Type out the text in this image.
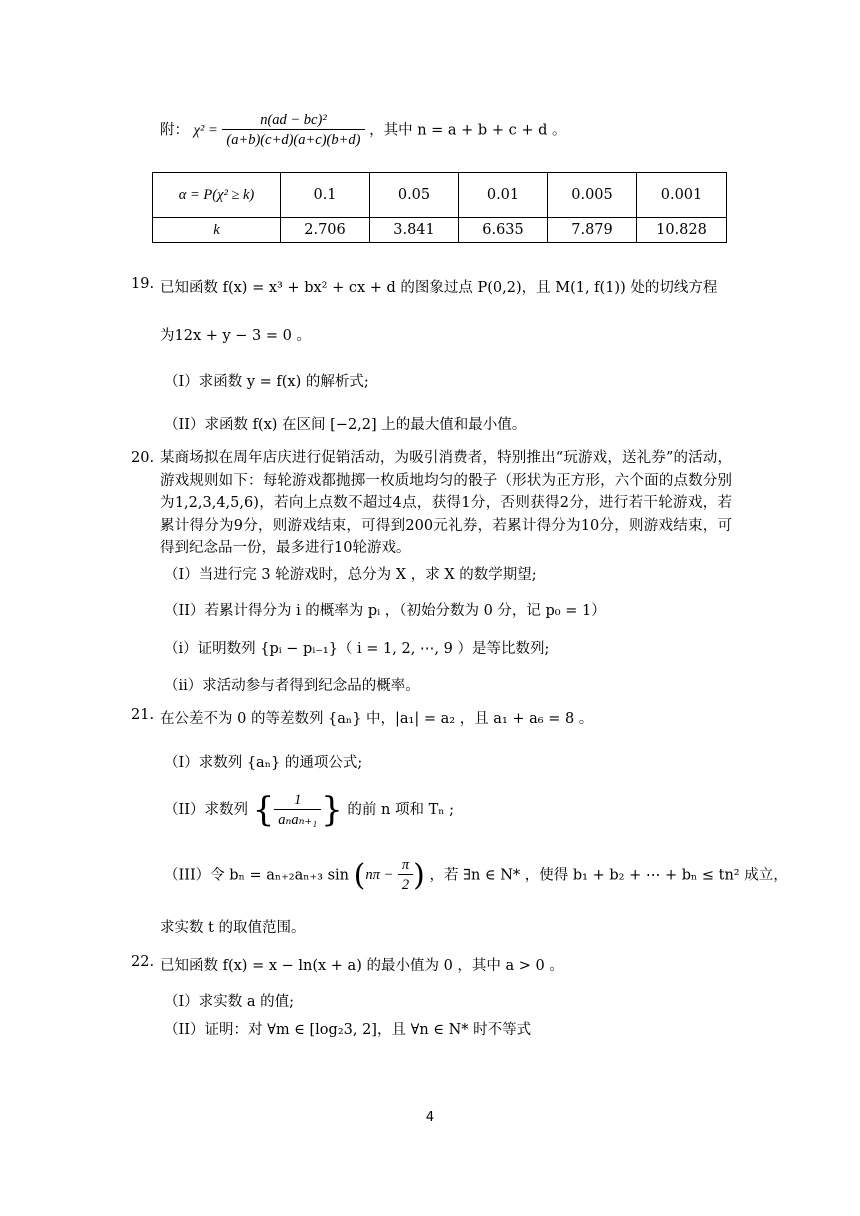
附： $\chi^2 = \frac{\text{n(ad − bc)²}}{(a+b)(c+d)(a+c)(b+d)}$ ，其中 n = a + b + c + d 。
α = P(χ² ≥ k)	0.1	0.05	0.01	0.005	0.001
k	2.706	3.841	6.635	7.879	10.828
19. 已知函数 f(x) = x³ + bx² + cx + d 的图象过点 P(0,2)，且 M(1, f(1)) 处的切线方程
为12x + y − 3 = 0 。
（I）求函数 y = f(x) 的解析式;
（II）求函数 f(x) 在区间 [−2,2] 上的最大值和最小值。
20. 某商场拟在周年店庆进行促销活动，为吸引消费者，特别推出“玩游戏，送礼券”的活动，游戏规则如下：每轮游戏都抛掷一枚质地均匀的骰子（形状为正方形，六个面的点数分别为1,2,3,4,5,6)，若向上点数不超过4点，获得1分，否则获得2分，进行若干轮游戏，若累计得分为9分，则游戏结束，可得到200元礼券，若累计得分为10分，则游戏结束，可得到纪念品一份，最多进行10轮游戏。
（I）当进行完 3 轮游戏时，总分为 X ，求 X 的数学期望;
（II）若累计得分为 i 的概率为 pᵢ ，（初始分数为 0 分，记 p₀ = 1）
（i）证明数列 {pᵢ − pᵢ₋₁}（ i = 1, 2, ⋯, 9 ）是等比数列;
（ii）求活动参与者得到纪念品的概率。
21. 在公差不为 0 的等差数列 {aₙ} 中，|a₁| = a₂ ，且 a₁ + a₆ = 8 。
（I）求数列 {aₙ} 的通项公式;
（II）求数列 { $\frac{1}{\text{aₙaₙ₊₁}}$ } 的前 n 项和 Tₙ ;
（III）令 bₙ = aₙ₊₂aₙ₊₃ $\sin (n\pi - \frac{\pi}{2}$ ) ，若 ∃n ∈ N* ，使得 b₁ + b₂ + ⋯ + bₙ ≤ tn² 成立，
求实数 t 的取值范围。
22. 已知函数 f(x) = x − ln(x + a) 的最小值为 0 ，其中 a > 0 。
（I）求实数 a 的值;
（II）证明：对 ∀m ∈ [log₂3, 2]，且 ∀n ∈ N* 时不等式
4
